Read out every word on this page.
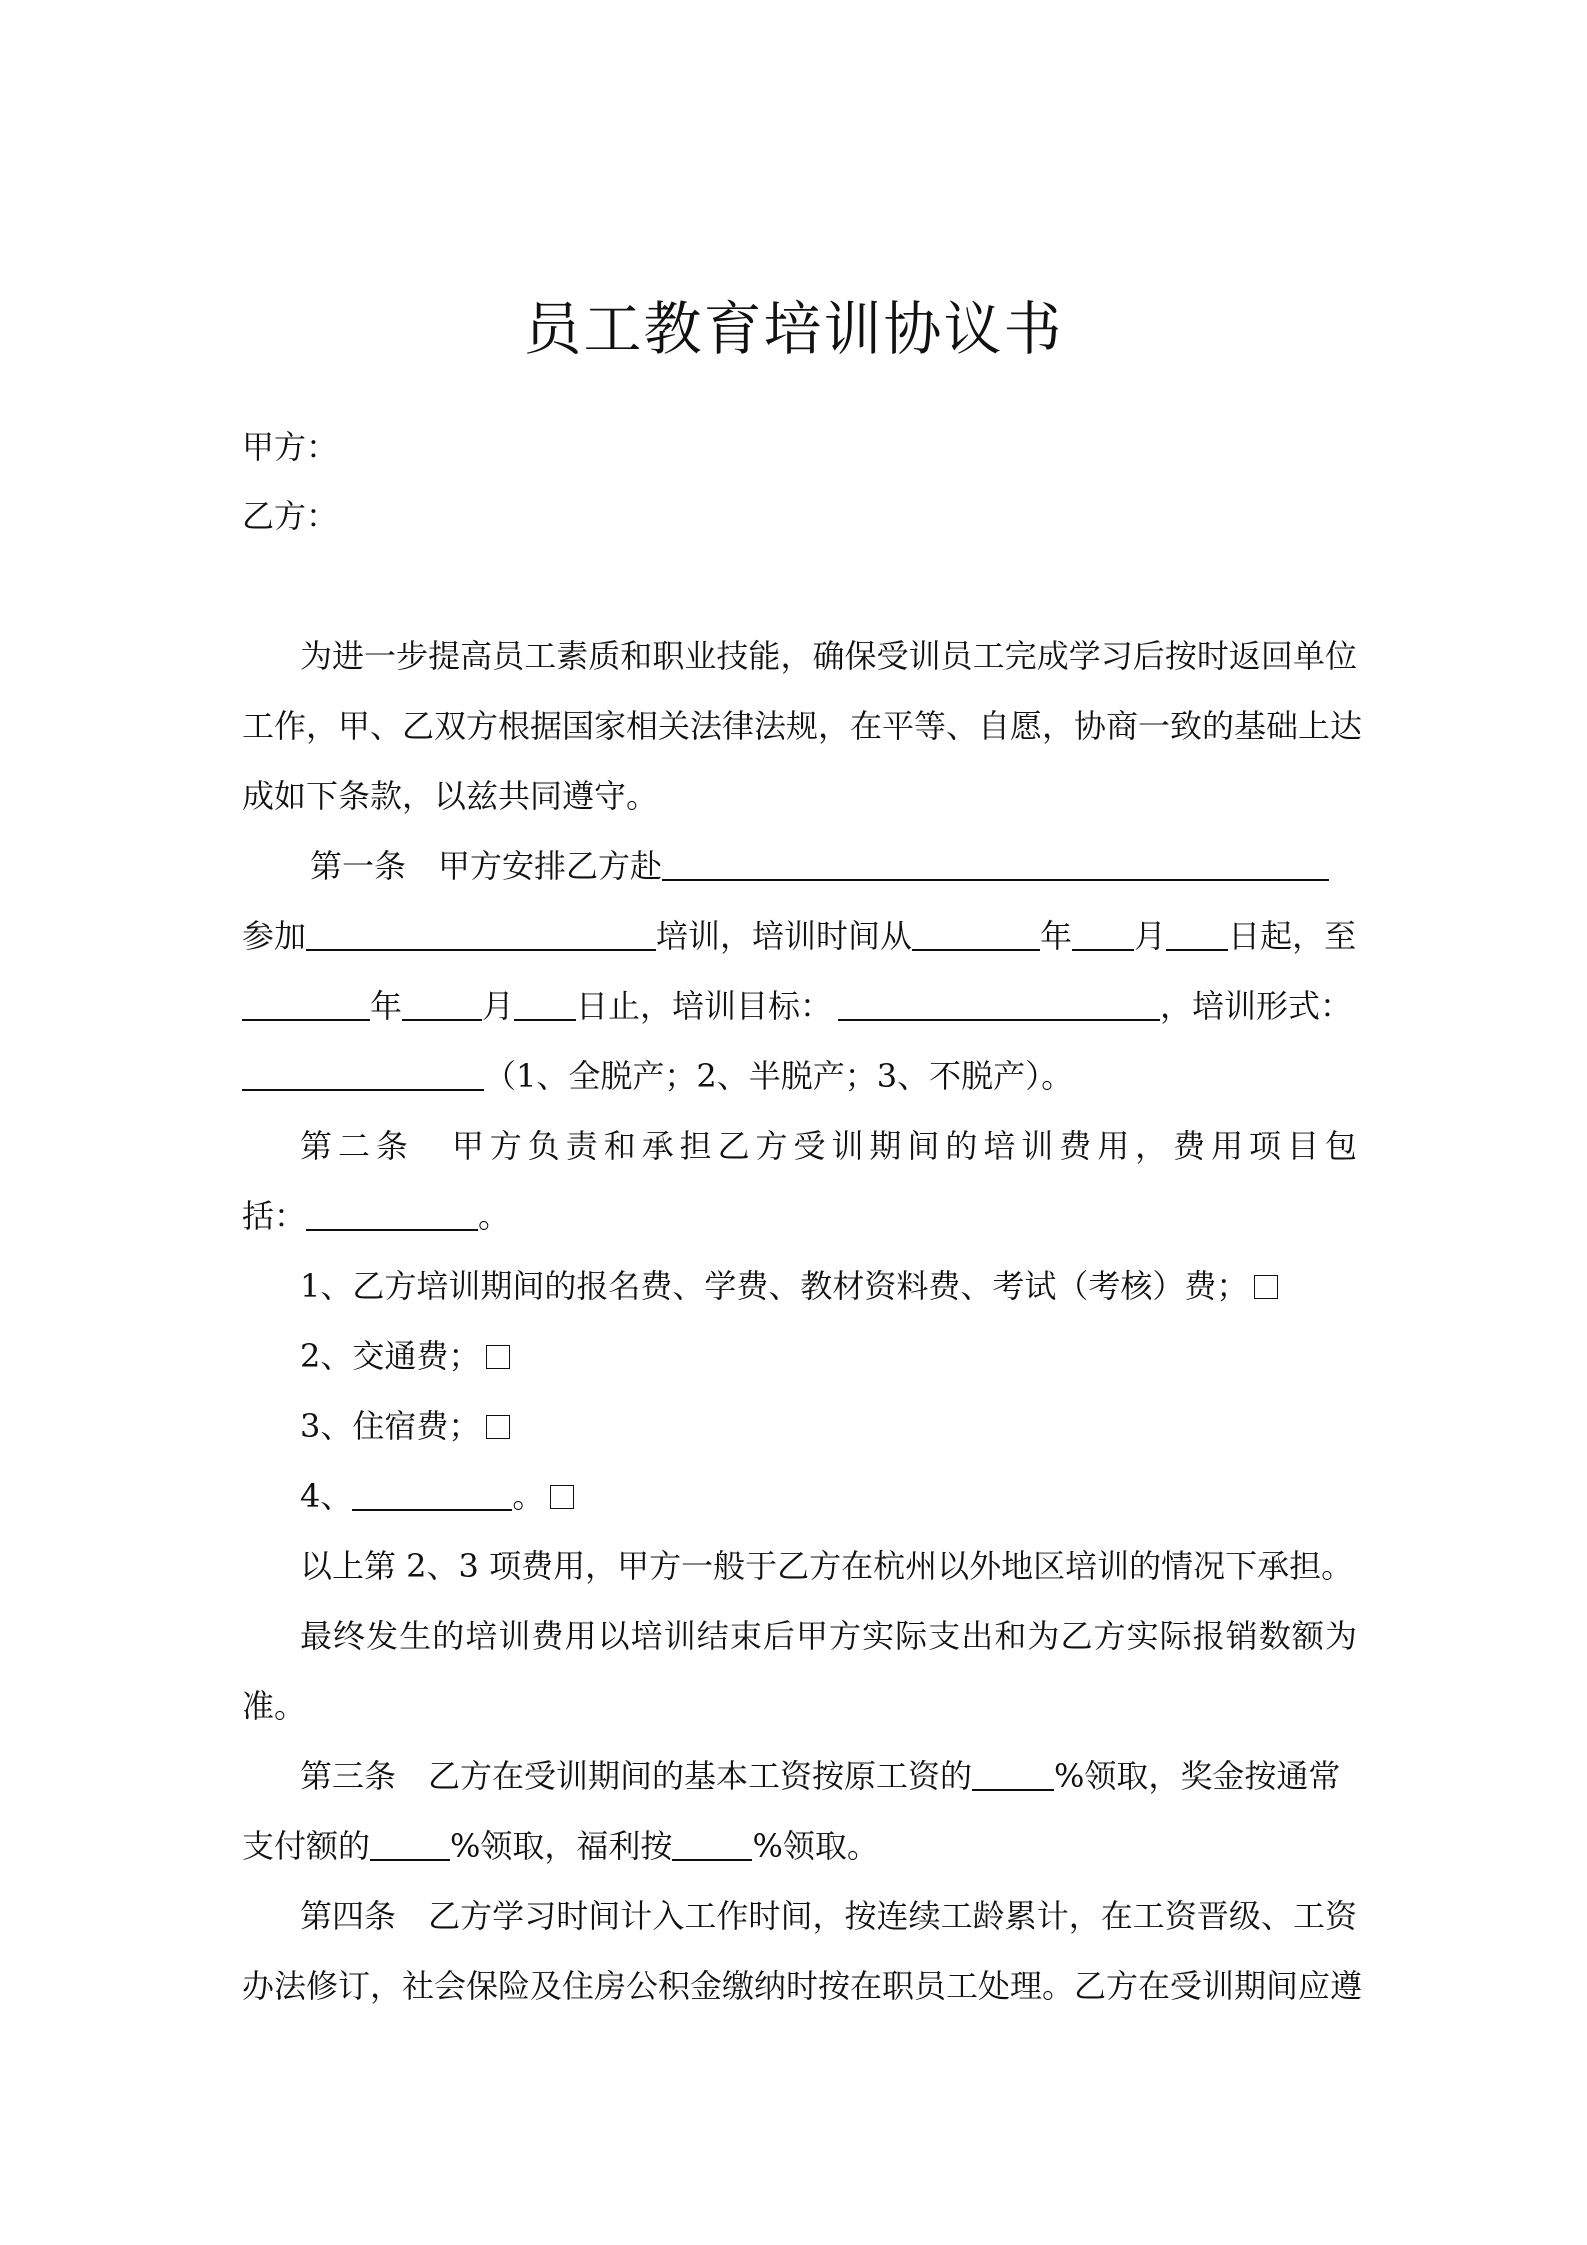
员工教育培训协议书
甲方：
乙方：
为进一步提高员工素质和职业技能，确保受训员工完成学习后按时返回单位
工作，甲、乙双方根据国家相关法律法规，在平等、自愿，协商一致的基础上达
成如下条款，以兹共同遵守。
第一条　甲方安排乙方赴
参加	培训，培训时间从	年 月 日起，至
年	月 日止，培训目标：	，培训形式：
（1、全脱产；2、半脱产；3、不脱产）。
第二条　甲方负责和承担乙方受训期间的培训费用，费用项目包
括：	。
1、乙方培训期间的报名费、学费、教材资料费、考试（考核）费；
2、交通费；
3、住宿费；
4、	。
以上第 2、3 项费用，甲方一般于乙方在杭州以外地区培训的情况下承担。
最终发生的培训费用以培训结束后甲方实际支出和为乙方实际报销数额为
准。
第三条　乙方在受训期间的基本工资按原工资的	%领取，奖金按通常
支付额的	%领取，福利按	%领取。
第四条　乙方学习时间计入工作时间，按连续工龄累计，在工资晋级、工资
办法修订，社会保险及住房公积金缴纳时按在职员工处理。乙方在受训期间应遵
